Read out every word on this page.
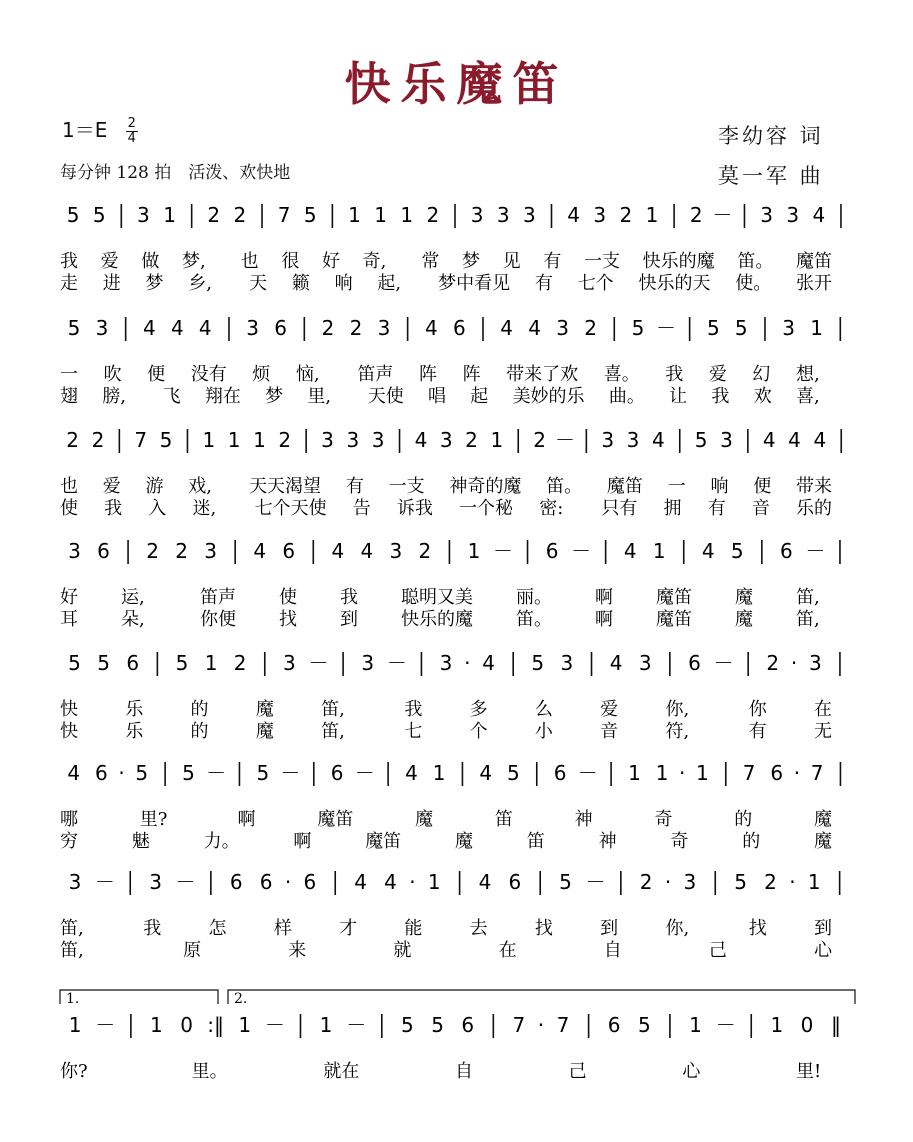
快乐魔笛
$1=E \frac{2}{4}$
每分钟 128 拍　活泼、欢快地
李幼容 词
莫一军 曲
5 5 3 1 2 2 7 5 1 1 1 2 3 3 3 4 3 2 1 2 － 3 3 4
我 爱 做 梦, 也 很 好 奇, 常 梦 见 有 一支 快乐的魔 笛。 魔笛
走 进 梦 乡, 天 籁 响 起, 梦中看见 有 七个 快乐的天 使。 张开
5 3 4 4 4 3 6 2 2 3 4 6 4 4 3 2 5 － 5 5 3 1
一 吹 便 没有 烦 恼, 笛声 阵 阵 带来了欢 喜。 我 爱 幻 想,
翅 膀, 飞 翔在 梦 里, 天使 唱 起 美妙的乐 曲。 让 我 欢 喜,
2 2 7 5 1 1 1 2 3 3 3 4 3 2 1 2 － 3 3 4 5 3 4 4 4
也 爱 游 戏, 天天渴望 有 一支 神奇的魔 笛。 魔笛 一 响 便 带来
使 我 入 迷, 七个天使 告 诉我 一个秘 密: 只有 拥 有 音 乐的
3 6 2 2 3 4 6 4 4 3 2 1 － 6 － 4 1 4 5 6 －
好 运,	笛声 使 我 聪明又美 丽。 啊 魔笛 魔 笛,
耳 朵,	你便 找 到 快乐的魔 笛。 啊 魔笛 魔 笛,
5 5 6 5 1 2 3 － 3 － 3 · 4 5 3 4 3 6 － 2 · 3
快	乐	的	魔	笛,	我	多	么	爱	你,	你	在
快	乐	的	魔	笛,	七	个	小	音	符,	有	无
4 6 · 5 5 － 5 － 6 － 4 1 4 5 6 － 1 1 · 1 7 6 · 7
哪	里?	啊	魔笛	魔	笛	神	奇	的	魔
穷	魅	力。	啊	魔笛	魔	笛	神	奇	的	魔
3 － 3 － 6 6 · 6 4 4 · 1 4 6 5 － 2 · 3 5 2 · 1
笛,	我	怎	样	才	能	去	找	到	你,	找	到
笛,	原	来	就	在	自	己	心
1 － 1 0 :‖ 1 － 1 － 5 5 6 7 · 7 6 5 1 － 1 0 ‖
你?	里。	就在	自	己	心	里!
1.	2.
